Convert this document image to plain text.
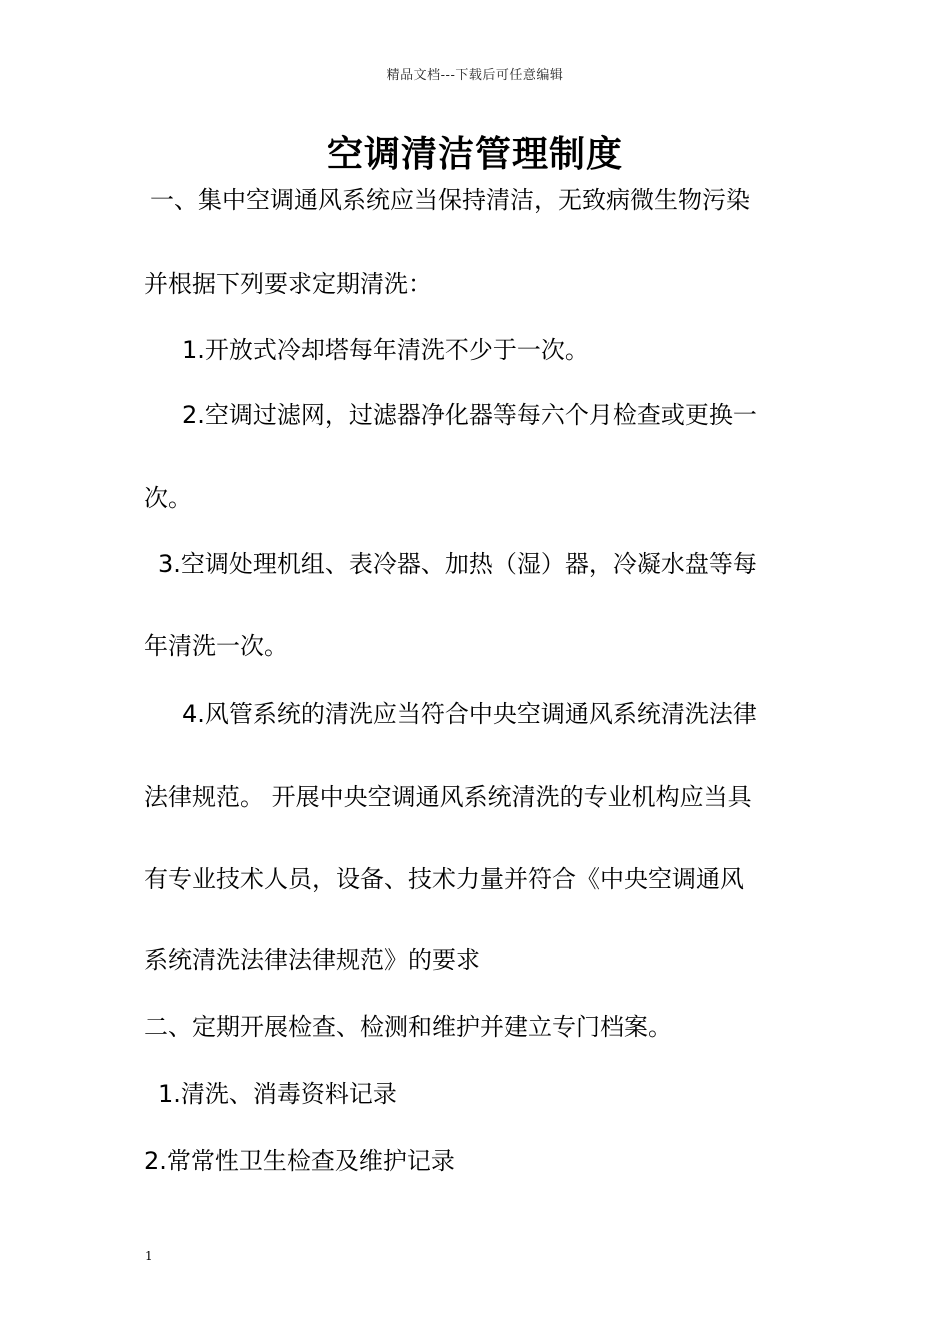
精品文档---下载后可任意编辑
空调清洁管理制度
一、集中空调通风系统应当保持清洁，无致病微生物污染
并根据下列要求定期清洗：
1.开放式冷却塔每年清洗不少于一次。
2.空调过滤网，过滤器净化器等每六个月检查或更换一
次。
3.空调处理机组、表冷器、加热（湿）器，冷凝水盘等每
年清洗一次。
4.风管系统的清洗应当符合中央空调通风系统清洗法律
法律规范。 开展中央空调通风系统清洗的专业机构应当具
有专业技术人员，设备、技术力量并符合《中央空调通风
系统清洗法律法律规范》的要求
二、定期开展检查、检测和维护并建立专门档案。
1.清洗、消毒资料记录
2.常常性卫生检查及维护记录
1
